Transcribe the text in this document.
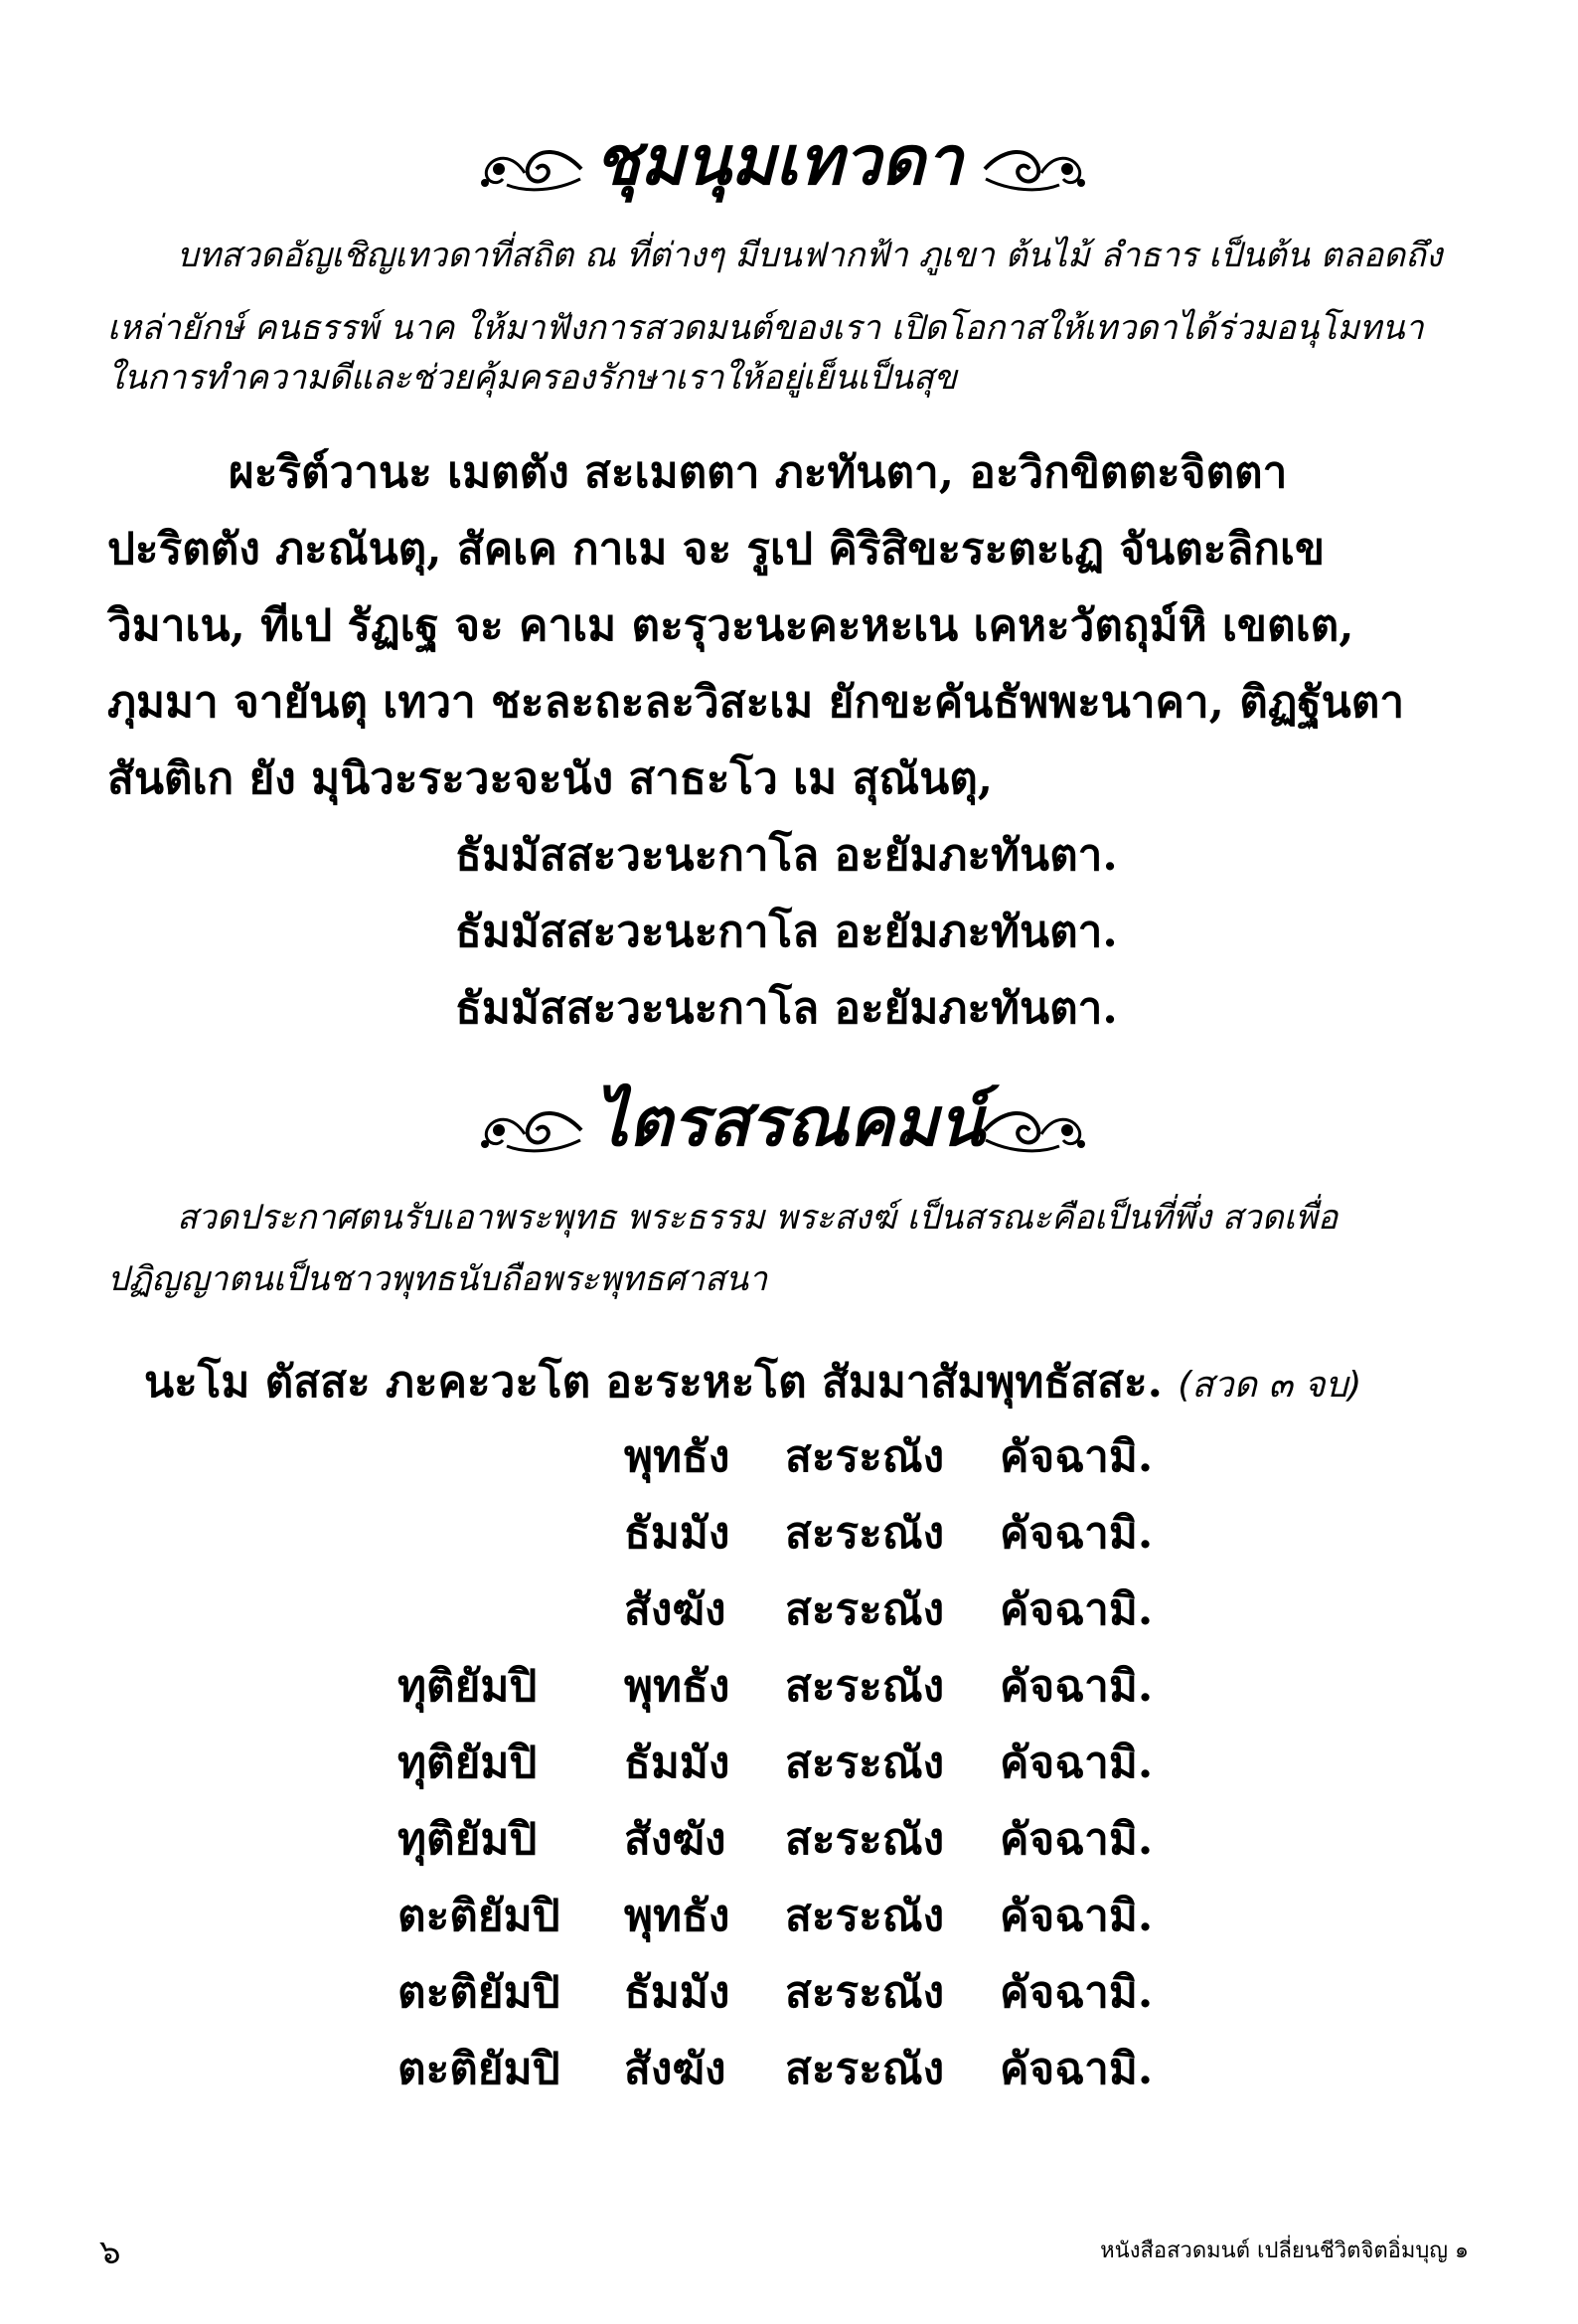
ชุมนุมเทวดา
บทสวดอัญเชิญเทวดาที่สถิต ณ ที่ต่างๆ มีบนฟากฟ้า ภูเขา ต้นไม้ ลำธาร เป็นต้น ตลอดถึง
เหล่ายักษ์ คนธรรพ์ นาค ให้มาฟังการสวดมนต์ของเรา เปิดโอกาสให้เทวดาได้ร่วมอนุโมทนา
ในการทำความดีและช่วยคุ้มครองรักษาเราให้อยู่เย็นเป็นสุข
ผะริต์วานะ เมตตัง สะเมตตา ภะทันตา, อะวิกขิตตะจิตตา
ปะริตตัง ภะณันตุ, สัคเค กาเม จะ รูเป คิริสิขะระตะเฏ จันตะลิกเข
วิมาเน, ทีเป รัฏเฐ จะ คาเม ตะรุวะนะคะหะเน เคหะวัตถุม์หิ เขตเต,
ภุมมา จายันตุ เทวา ชะละถะละวิสะเม ยักขะคันธัพพะนาคา, ติฏฐันตา
สันติเก ยัง มุนิวะระวะจะนัง สาธะโว เม สุณันตุ,
ธัมมัสสะวะนะกาโล อะยัมภะทันตา.
ธัมมัสสะวะนะกาโล อะยัมภะทันตา.
ธัมมัสสะวะนะกาโล อะยัมภะทันตา.
ไตรสรณคมน์
สวดประกาศตนรับเอาพระพุทธ พระธรรม พระสงฆ์ เป็นสรณะคือเป็นที่พึ่ง สวดเพื่อ
ปฏิญญาตนเป็นชาวพุทธนับถือพระพุทธศาสนา
นะโม ตัสสะ ภะคะวะโต อะระหะโต สัมมาสัมพุทธัสสะ. (สวด ๓ จบ)
พุทธัง สะระณัง คัจฉามิ.
ธัมมัง สะระณัง คัจฉามิ.
สังฆัง สะระณัง คัจฉามิ.
ทุติยัมปิ พุทธัง สะระณัง คัจฉามิ.
ทุติยัมปิ ธัมมัง สะระณัง คัจฉามิ.
ทุติยัมปิ สังฆัง สะระณัง คัจฉามิ.
ตะติยัมปิ พุทธัง สะระณัง คัจฉามิ.
ตะติยัมปิ ธัมมัง สะระณัง คัจฉามิ.
ตะติยัมปิ สังฆัง สะระณัง คัจฉามิ.
๖	หนังสือสวดมนต์ เปลี่ยนชีวิตจิตอิ่มบุญ ๑
